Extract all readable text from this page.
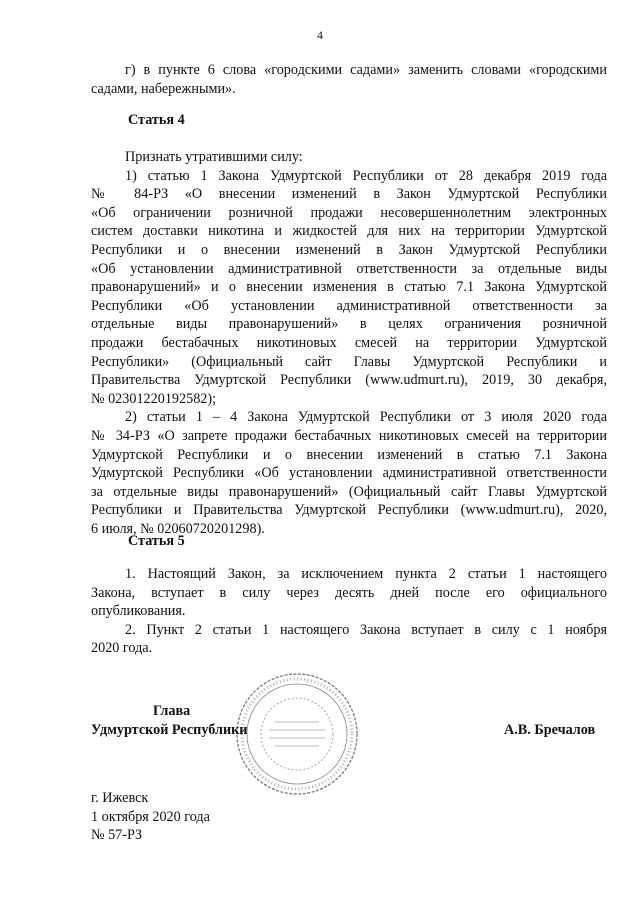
4
г) в пункте 6 слова «городскими садами» заменить словами «городскими
садами, набережными».
Статья 4
Признать утратившими силу:
1) статью 1 Закона Удмуртской Республики от 28 декабря 2019 года
№ 84-РЗ «О внесении изменений в Закон Удмуртской Республики
«Об ограничении розничной продажи несовершеннолетним электронных
систем доставки никотина и жидкостей для них на территории Удмуртской
Республики и о внесении изменений в Закон Удмуртской Республики
«Об установлении административной ответственности за отдельные виды
правонарушений» и о внесении изменения в статью 7.1 Закона Удмуртской
Республики «Об установлении административной ответственности за
отдельные виды правонарушений» в целях ограничения розничной
продажи бестабачных никотиновых смесей на территории Удмуртской
Республики» (Официальный сайт Главы Удмуртской Республики и
Правительства Удмуртской Республики (www.udmurt.ru), 2019, 30 декабря,
№ 02301220192582);
2) статьи 1 – 4 Закона Удмуртской Республики от 3 июля 2020 года
№ 34-РЗ «О запрете продажи бестабачных никотиновых смесей на территории
Удмуртской Республики и о внесении изменений в статью 7.1 Закона
Удмуртской Республики «Об установлении административной ответственности
за отдельные виды правонарушений» (Официальный сайт Главы Удмуртской
Республики и Правительства Удмуртской Республики (www.udmurt.ru), 2020,
6 июля, № 02060720201298).
Статья 5
1. Настоящий Закон, за исключением пункта 2 статьи 1 настоящего
Закона, вступает в силу через десять дней после его официального
опубликования.
2. Пункт 2 статьи 1 настоящего Закона вступает в силу с 1 ноября
2020 года.
Глава
Удмуртской Республики	А.В. Бречалов
г. Ижевск
1 октября 2020 года
№ 57-РЗ
